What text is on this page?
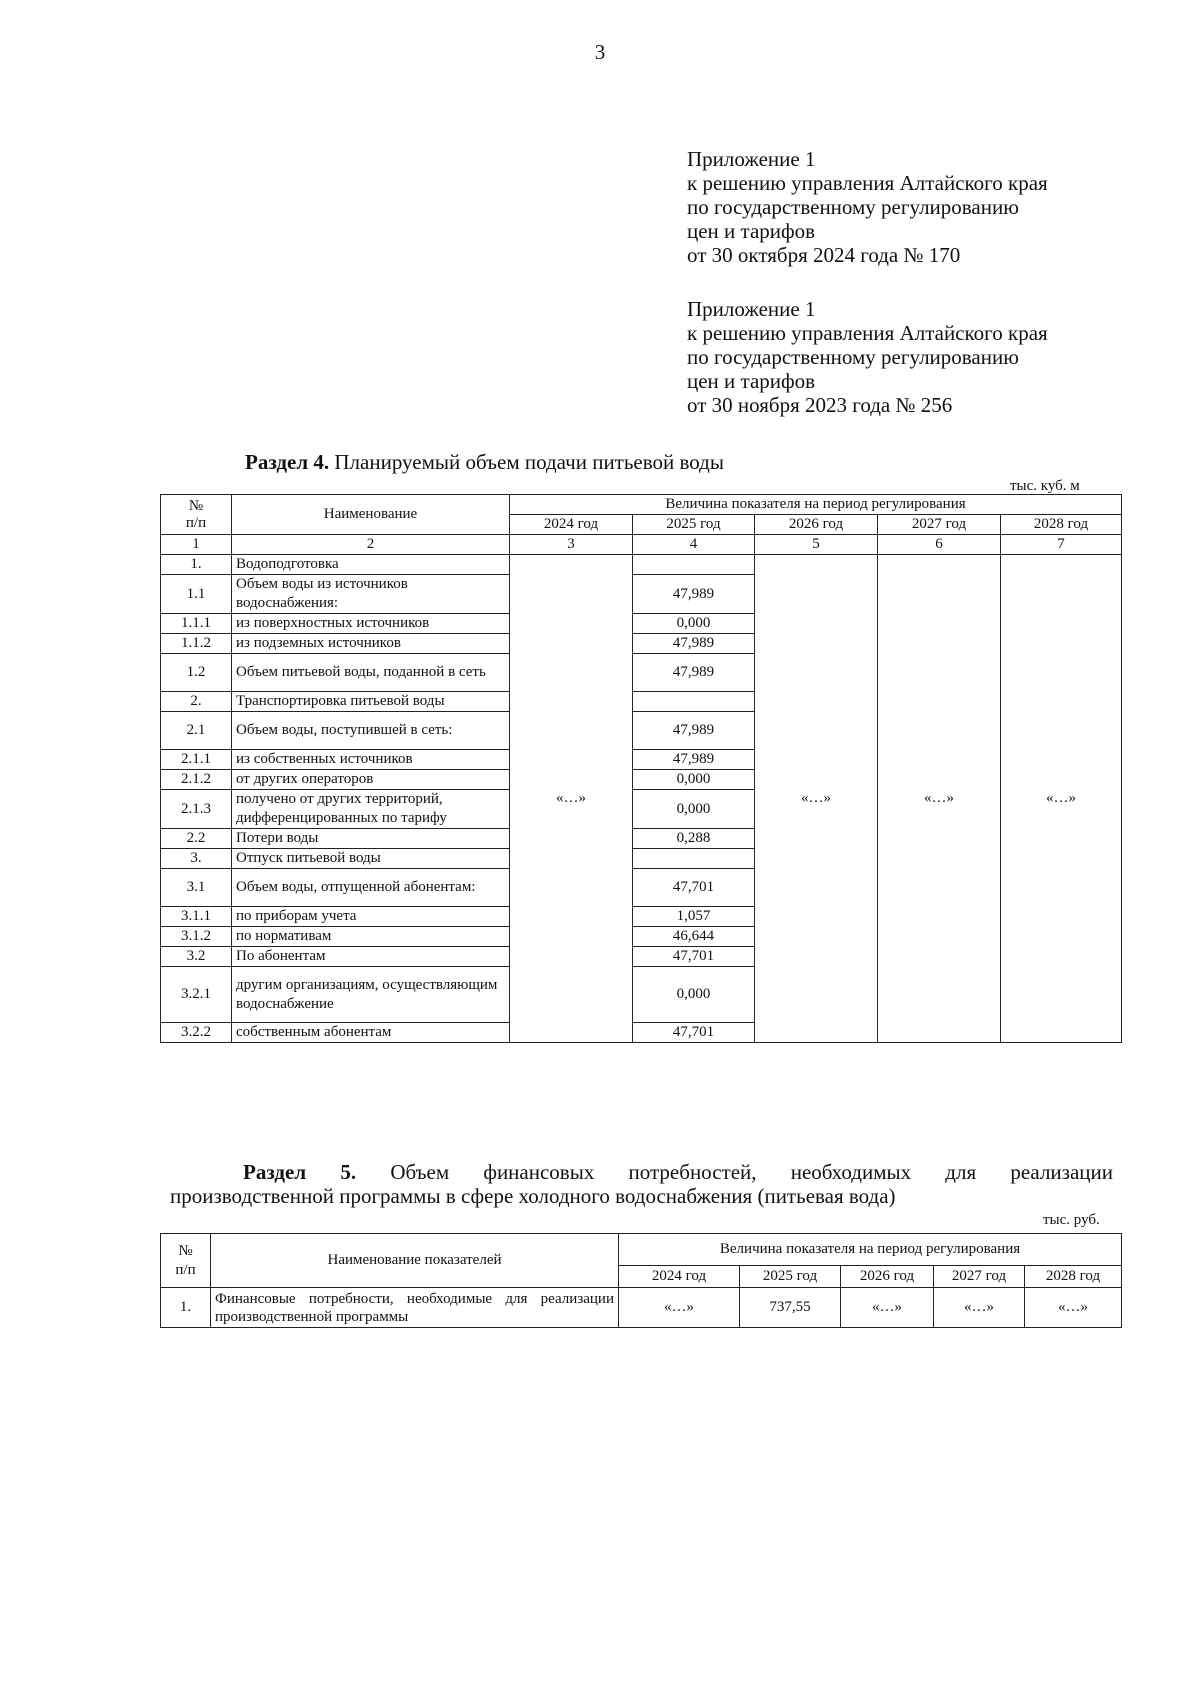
3
Приложение 1
к решению управления Алтайского края
по государственному регулированию
цен и тарифов
от 30 октября 2024 года № 170
Приложение 1
к решению управления Алтайского края
по государственному регулированию
цен и тарифов
от 30 ноября 2023 года № 256
Раздел 4. Планируемый объем подачи питьевой воды
тыс. куб. м
№
п/п	Наименование	Величина показателя на период регулирования				
		2024 год	2025 год	2026 год	2027 год	2028 год
1	2	3	4	5	6	7
1.	Водоподготовка	«…»		«…»	«…»	«…»
1.1	Объем воды из источников водоснабжения:		47,989			
1.1.1	из поверхностных источников		0,000			
1.1.2	из подземных источников		47,989			
1.2	Объем питьевой воды, поданной в сеть		47,989			
2.	Транспортировка питьевой воды					
2.1	Объем воды, поступившей в сеть:		47,989			
2.1.1	из собственных источников		47,989			
2.1.2	от других операторов		0,000			
2.1.3	получено от других территорий, дифференцированных по тарифу		0,000			
2.2	Потери воды		0,288			
3.	Отпуск питьевой воды					
3.1	Объем воды, отпущенной абонентам:		47,701			
3.1.1	по приборам учета		1,057			
3.1.2	по нормативам		46,644			
3.2	По абонентам		47,701			
3.2.1	другим организациям, осуществляющим водоснабжение		0,000			
3.2.2	собственным абонентам		47,701			
Раздел 5. Объем финансовых потребностей, необходимых для реализации
производственной программы в сфере холодного водоснабжения (питьевая вода)
тыс. руб.
№
п/п	Наименование показателей	Величина показателя на период регулирования				
		2024 год	2025 год	2026 год	2027 год	2028 год
1.	Финансовые потребности, необходимые для реализации производственной программы	«…»	737,55	«…»	«…»	«…»
